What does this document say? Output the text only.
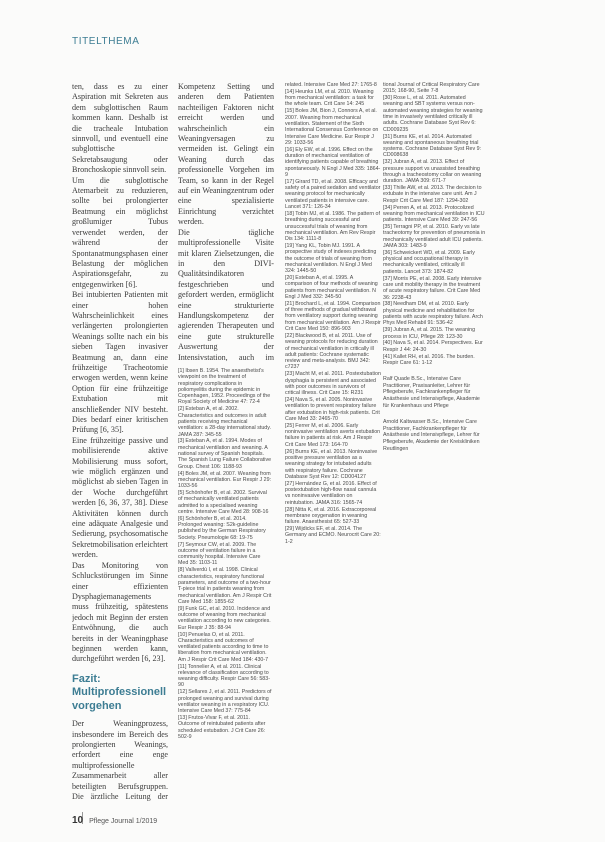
TITELTHEMA

ten, dass es zu einer Aspiration mit Sekreten aus dem subglottischen Raum kommen kann. Deshalb ist die tracheale Intubation sinnvoll, und eventuell eine subglottische Sekretabsaugung oder Bronchoskopie sinnvoll sein.

Um die subglottische Atemarbeit zu reduzieren, sollte bei prolongierter Beatmung ein möglichst großlumiger Tubus verwendet werden, der während der Spontanatmungsphasen einer Belastung der möglichen Aspirationsgefahr, zu entgegenwirken [6].

Bei intubierten Patienten mit einer hohen Wahrscheinlichkeit eines verlängerten prolongierten Weanings sollte nach ein bis sieben Tagen invasiver Beatmung an, dann eine frühzeitige Tracheotomie erwogen werden, wenn keine Option für eine frühzeitige Extubation mit anschließender NIV besteht. Dies bedarf einer kritischen Prüfung [6, 35].

Eine frühzeitige passive und mobilisierende aktive Mobilisierung muss sofort, wie möglich ergänzen und möglichst ab sieben Tagen in der Woche durchgeführt werden [6, 36, 37, 38]. Diese Aktivitäten können durch eine adäquate Analgesie und Sedierung, psychosomatische Sekretmobilisation erleichtert werden.

Das Monitoring von Schluckstörungen im Sinne einer effizienten Dysphagiemanagements muss frühzeitig, spätestens jedoch mit Beginn der ersten Entwöhnung, die auch bereits in der Weaningphase beginnen werden kann, durchgeführt werden [6, 23].

Fazit: Multiprofessionell vorgehen

Der Weaningprozess, insbesondere im Bereich des prolongierten Weanings, erfordert eine enge multiprofessionelle Zusammenarbeit aller beteiligten Berufsgruppen. Die ärztliche Leitung der

Kompetenz Setting und anderen dem Patienten nachteiligen Faktoren nicht erreicht werden und wahrscheinlich ein Weaningversagen zu vermeiden ist. Gelingt ein Weaning durch das professionelle Vorgehen im Team, so kann in der Regel auf ein Weaningzentrum oder eine spezialisierte Einrichtung verzichtet werden.

Die tägliche multiprofessionelle Visite mit klaren Zielsetzungen, die in den DIVI-Qualitätsindikatoren festgeschrieben und gefordert werden, ermöglicht eine strukturierte Handlungskompetenz der agierenden Therapeuten und eine gute strukturelle Auswertung der Intensivstation, auch im

[1] Ibsen B. 1954. The anaesthetist's viewpoint on the treatment of respiratory complications in poliomyelitis during the epidemic in Copenhagen, 1952. Proceedings of the Royal Society of Medicine 47: 72-4

[2] Esteban A, et al. 2002. Characteristics and outcomes in adult patients receiving mechanical ventilation: a 28-day international study. JAMA 287: 345-55

[3] Esteban A, et al. 1994. Modes of mechanical ventilation and weaning. A national survey of Spanish hospitals. The Spanish Lung Failure Collaborative Group. Chest 106: 1188-93

[4] Boles JM, et al. 2007. Weaning from mechanical ventilation. Eur Respir J 29: 1033-56

[5] Schönhofer B, et al. 2002. Survival of mechanically ventilated patients admitted to a specialised weaning centre. Intensive Care Med 28: 908-16

[6] Schönhofer B, et al. 2014. Prolonged weaning: S2k-guideline published by the German Respiratory Society. Pneumologie 68: 19-75

[7] Seymour CW, et al. 2009. The outcome of ventilation failure in a community hospital. Intensive Care Med 35: 1103-11

[8] Vallverdú I, et al. 1998. Clinical characteristics, respiratory functional parameters, and outcome of a two-hour T-piece trial in patients weaning from mechanical ventilation. Am J Respir Crit Care Med 158: 1855-62

[9] Funk GC, et al. 2010. Incidence and outcome of weaning from mechanical ventilation according to new categories. Eur Respir J 35: 88-94

[10] Penuelas O, et al. 2011. Characteristics and outcomes of ventilated patients according to time to liberation from mechanical ventilation. Am J Respir Crit Care Med 184: 430-7

[11] Tonnelier A, et al. 2011. Clinical relevance of classification according to weaning difficulty. Respir Care 56: 583-90

[12] Sellares J, et al. 2011. Predictors of prolonged weaning and survival during ventilator weaning in a respiratory ICU. Intensive Care Med 37: 775-84

[13] Frutos-Vivar F, et al. 2011. Outcome of reintubated patients after scheduled extubation. J Crit Care 26: 502-9

related. Intensive Care Med 27: 1765-8

[14] Heunks LM, et al. 2010. Weaning from mechanical ventilation: a task for the whole team. Crit Care 14: 245

[15] Boles JM, Bion J, Connors A, et al. 2007. Weaning from mechanical ventilation. Statement of the Sixth International Consensus Conference on Intensive Care Medicine. Eur Respir J 29: 1033-56

[16] Ely EW, et al. 1996. Effect on the duration of mechanical ventilation of identifying patients capable of breathing spontaneously. N Engl J Med 335: 1864-9

[17] Girard TD, et al. 2008. Efficacy and safety of a paired sedation and ventilator weaning protocol for mechanically ventilated patients in intensive care. Lancet 371: 126-34

[18] Tobin MJ, et al. 1986. The pattern of breathing during successful and unsuccessful trials of weaning from mechanical ventilation. Am Rev Respir Dis 134: 1111-8

[19] Yang KL, Tobin MJ. 1991. A prospective study of indexes predicting the outcome of trials of weaning from mechanical ventilation. N Engl J Med 324: 1445-50

[20] Esteban A, et al. 1995. A comparison of four methods of weaning patients from mechanical ventilation. N Engl J Med 332: 345-50

[21] Brochard L, et al. 1994. Comparison of three methods of gradual withdrawal from ventilatory support during weaning from mechanical ventilation. Am J Respir Crit Care Med 150: 896-903

[22] Blackwood B, et al. 2011. Use of weaning protocols for reducing duration of mechanical ventilation in critically ill adult patients: Cochrane systematic review and meta-analysis. BMJ 342: c7237

[23] Macht M, et al. 2011. Postextubation dysphagia is persistent and associated with poor outcomes in survivors of critical illness. Crit Care 15: R231

[24] Nava S, et al. 2005. Noninvasive ventilation to prevent respiratory failure after extubation in high-risk patients. Crit Care Med 33: 2465-70

[25] Ferrer M, et al. 2006. Early noninvasive ventilation averts extubation failure in patients at risk. Am J Respir Crit Care Med 173: 164-70

[26] Burns KE, et al. 2013. Noninvasive positive pressure ventilation as a weaning strategy for intubated adults with respiratory failure. Cochrane Database Syst Rev 12: CD004127

[27] Hernández G, et al. 2016. Effect of postextubation high-flow nasal cannula vs noninvasive ventilation on reintubation. JAMA 316: 1565-74

[28] Nitta K, et al. 2016. Extracorporeal membrane oxygenation in weaning failure. Anaesthesist 65: 527-33

[29] Wijdicks EF, et al. 2014. The Germany and ECMO. Neurocrit Care 20: 1-2

tional Journal of Critical Respiratory Care 2015; 168-90, Seite 7-8

[30] Rose L, et al. 2011. Automated weaning and SBT systems versus non-automated weaning strategies for weaning time in invasively ventilated critically ill adults. Cochrane Database Syst Rev 6: CD009235

[31] Burns KE, et al. 2014. Automated weaning and spontaneous breathing trial systems. Cochrane Database Syst Rev 9: CD008638

[32] Jubran A, et al. 2013. Effect of pressure support vs unassisted breathing through a tracheostomy collar on weaning duration. JAMA 309: 671-7

[33] Thille AW, et al. 2013. The decision to extubate in the intensive care unit. Am J Respir Crit Care Med 187: 1294-302

[34] Perren A, et al. 2013. Protocolized weaning from mechanical ventilation in ICU patients. Intensive Care Med 39: 247-56

[35] Terragni PP, et al. 2010. Early vs late tracheotomy for prevention of pneumonia in mechanically ventilated adult ICU patients. JAMA 303: 1483-9

[36] Schweickert WD, et al. 2009. Early physical and occupational therapy in mechanically ventilated, critically ill patients. Lancet 373: 1874-82

[37] Morris PE, et al. 2008. Early intensive care unit mobility therapy in the treatment of acute respiratory failure. Crit Care Med 36: 2238-43

[38] Needham DM, et al. 2010. Early physical medicine and rehabilitation for patients with acute respiratory failure. Arch Phys Med Rehabil 91: 536-42

[39] Jubran A, et al. 2015. The weaning process in ICU, Pflege 28: 123-30

[40] Nava S, et al. 2014. Perspectives. Eur Respir J 44: 24-30

[41] Kallet RH, et al. 2016. The burden. Respir Care 61: 1-12

Ralf Quade B.Sc., Intensive Care Practitioner, Praxisanleiter, Lehrer für Pflegeberufe, Fachkrankenpfleger für Anästhesie und Intensivpflege, Akademie für Krankenhaus und Pflege

Arnold Kaltwasser B.Sc., Intensive Care Practitioner, Fachkrankenpfleger für Anästhesie und Intensivpflege, Lehrer für Pflegeberufe, Akademie der Kreiskliniken Reutlingen

10 Pflege Journal 1/2019
